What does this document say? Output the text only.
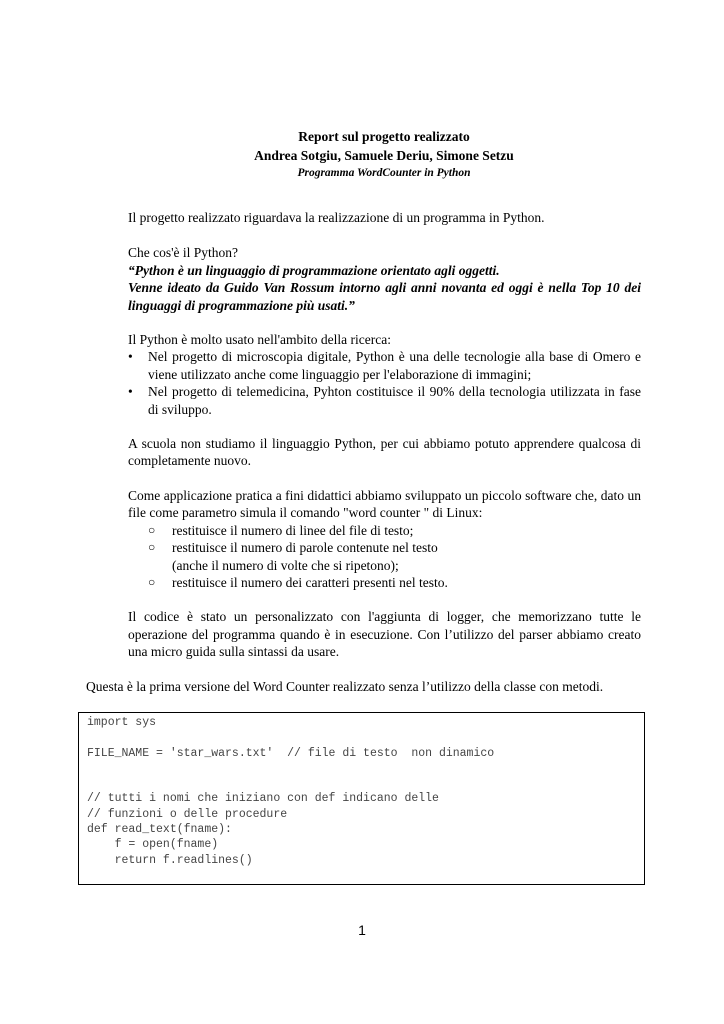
Report sul progetto realizzato
Andrea Sotgiu, Samuele Deriu, Simone Setzu
Programma WordCounter in Python

Il progetto realizzato riguardava la realizzazione di un programma in Python.

Che cos'è il Python?

“Python è un linguaggio di programmazione orientato agli oggetti.

Venne ideato da Guido Van Rossum intorno agli anni novanta ed oggi è nella Top 10 dei linguaggi di programmazione più usati.”

Il Python è molto usato nell'ambito della ricerca:

• Nel progetto di microscopia digitale, Python è una delle tecnologie alla base di Omero e viene utilizzato anche come linguaggio per l'elaborazione di immagini;
• Nel progetto di telemedicina, Pyhton costituisce il 90% della tecnologia utilizzata in fase di sviluppo.

A scuola non studiamo il linguaggio Python, per cui abbiamo potuto apprendere qualcosa di completamente nuovo.

Come applicazione pratica a fini didattici abbiamo sviluppato un piccolo software che, dato un file come parametro simula il comando "word counter " di Linux:

○ restituisce il numero di linee del file di testo;
○ restituisce il numero di parole contenute nel testo
(anche il numero di volte che si ripetono);
○ restituisce il numero dei caratteri presenti nel testo.

Il codice è stato un personalizzato con l'aggiunta di logger, che memorizzano tutte le operazione del programma quando è in esecuzione. Con l’utilizzo del parser abbiamo creato una micro guida sulla sintassi da usare.

Questa è la prima versione del Word Counter realizzato senza l’utilizzo della classe con metodi.
import sys
FILE_NAME = 'star_wars.txt'  // file di testo  non dinamico
// tutti i nomi che iniziano con def indicano delle
// funzioni o delle procedure
def read_text(fname):
f = open(fname)
return f.readlines()
1
